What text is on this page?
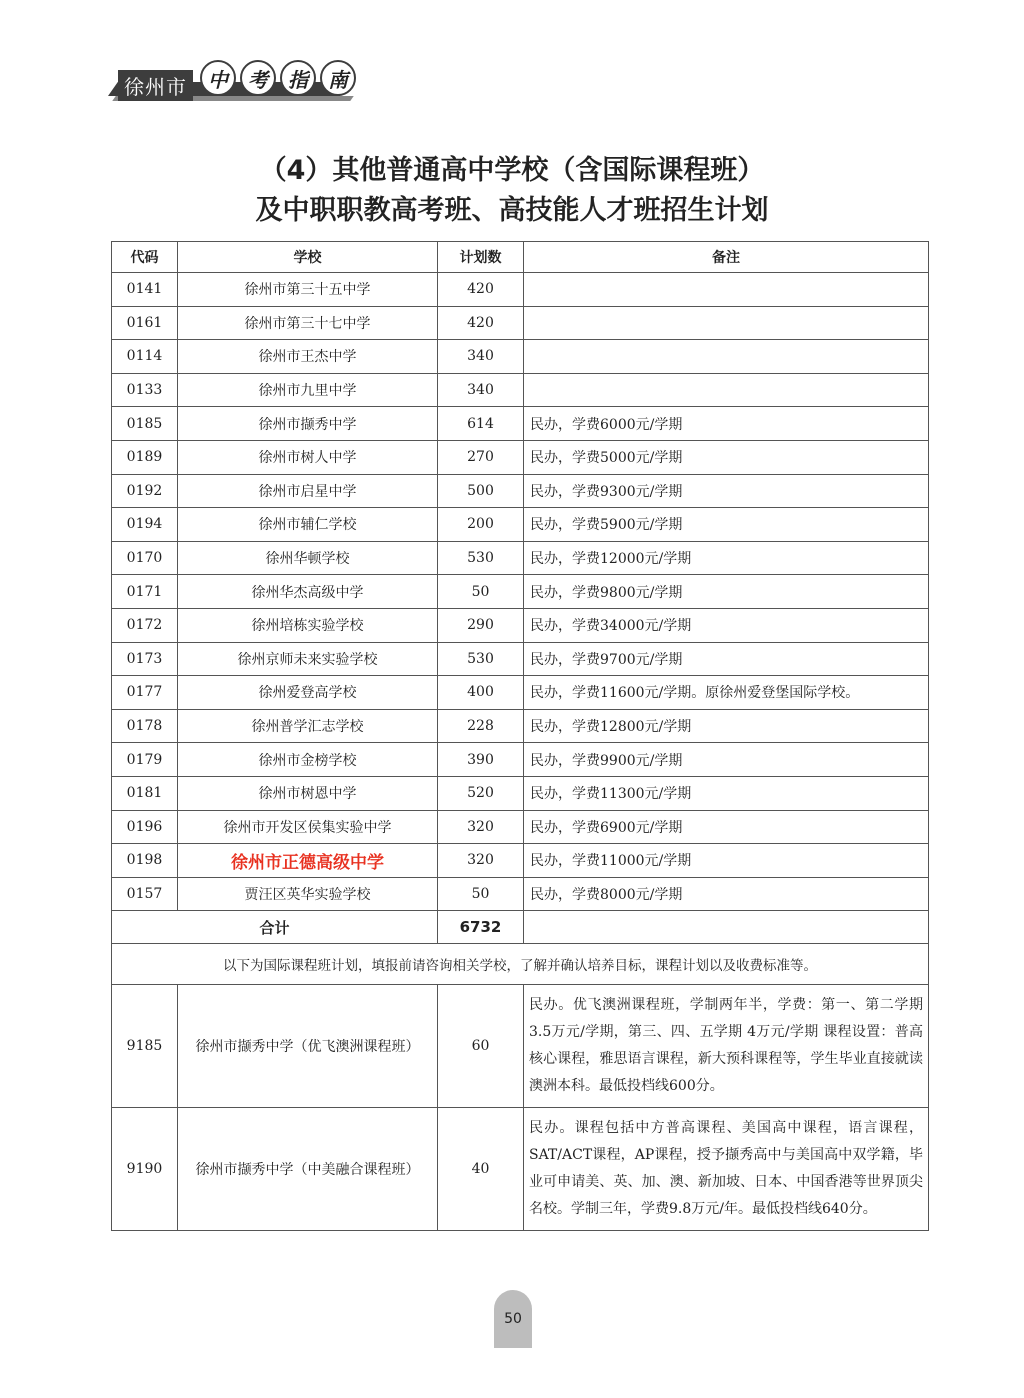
徐州市	中	考	指	南
（4）其他普通高中学校（含国际课程班）
及中职职教高考班、高技能人才班招生计划
代码	学校	计划数	备注
0141	徐州市第三十五中学	420	
0161	徐州市第三十七中学	420	
0114	徐州市王杰中学	340	
0133	徐州市九里中学	340	
0185	徐州市撷秀中学	614	民办，学费6000元/学期
0189	徐州市树人中学	270	民办，学费5000元/学期
0192	徐州市启星中学	500	民办，学费9300元/学期
0194	徐州市辅仁学校	200	民办，学费5900元/学期
0170	徐州华顿学校	530	民办，学费12000元/学期
0171	徐州华杰高级中学	50	民办，学费9800元/学期
0172	徐州培栋实验学校	290	民办，学费34000元/学期
0173	徐州京师未来实验学校	530	民办，学费9700元/学期
0177	徐州爱登高学校	400	民办，学费11600元/学期。原徐州爱登堡国际学校。
0178	徐州普学汇志学校	228	民办，学费12800元/学期
0179	徐州市金榜学校	390	民办，学费9900元/学期
0181	徐州市树恩中学	520	民办，学费11300元/学期
0196	徐州市开发区侯集实验中学	320	民办，学费6900元/学期
0198	徐州市正德高级中学	320	民办，学费11000元/学期
0157	贾汪区英华实验学校	50	民办，学费8000元/学期
合计		6732	
以下为国际课程班计划，填报前请咨询相关学校，了解并确认培养目标，课程计划以及收费标准等。			
9185	徐州市撷秀中学（优飞澳洲课程班）	60	民办。优飞澳洲课程班，学制两年半，学费：第一、第二学期3.5万元/学期，第三、四、五学期 4万元/学期 课程设置：普高核心课程，雅思语言课程，新大预科课程等，学生毕业直接就读澳洲本科。最低投档线600分。
9190	徐州市撷秀中学（中美融合课程班）	40	民办。课程包括中方普高课程、美国高中课程，语言课程，SAT/ACT课程，AP课程，授予撷秀高中与美国高中双学籍，毕业可申请美、英、加、澳、新加坡、日本、中国香港等世界顶尖名校。学制三年，学费9.8万元/年。最低投档线640分。
50
